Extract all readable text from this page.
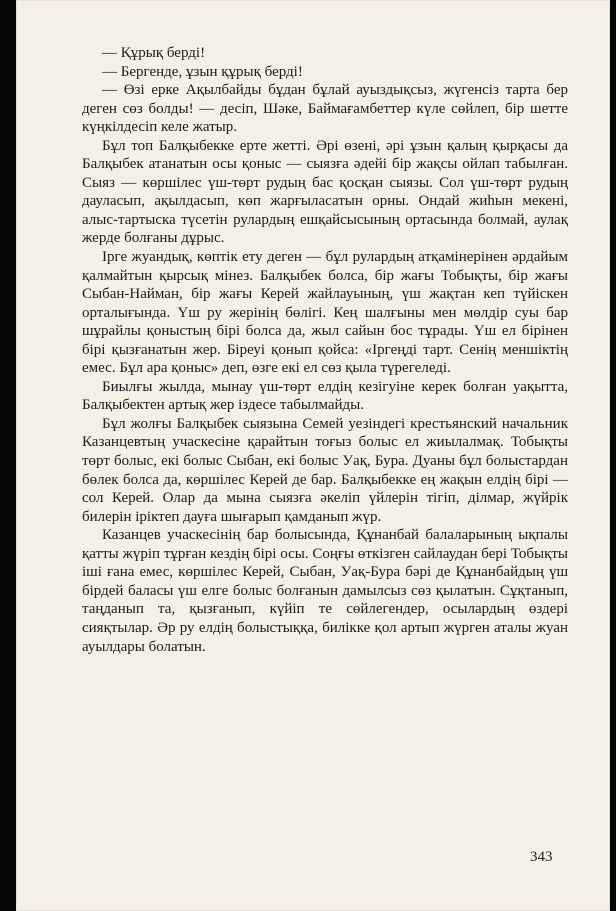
— Құрық берді!

— Бергенде, ұзын құрық берді!

— Өзі ерке Ақылбайды бұдан бұлай ауыздықсыз, жүгенсіз тарта бер деген сөз болды! — десіп, Шәке, Баймағамбеттер күле сөйлеп, бір шетте күңкілдесіп келе жатыр.

Бұл топ Балқыбекке ерте жетті. Әрі өзені, әрі ұзын қалың қырқасы да Балқыбек атанатын осы қоныс — сыязға әдейі бір жақсы ойлап табылған. Сыяз — көршілес үш-төрт рудың бас қосқан сыязы. Сол үш-төрт рудың дауласып, ақылдасып, көп жарғыласатын орны. Ондай жиһын мекені, алыс-тартыска түсетін рулардың ешқайсысының ортасында болмай, аулақ жерде болғаны дұрыс.

Ірге жуандық, көптік ету деген — бұл рулардың атқамінерінен әрдайым қалмайтын қырсық мінез. Балқыбек болса, бір жағы Тобықты, бір жағы Сыбан-Найман, бір жағы Керей жайлауының, үш жақтан кеп түйіскен орталығында. Үш ру жерінің бөлігі. Кең шалғыны мен мөлдір суы бар шұрайлы қоныстың бірі болса да, жыл сайын бос тұрады. Үш ел бірінен бірі қызғанатын жер. Біреуі қонып қойса: «Іргеңді тарт. Сенің меншіктің емес. Бұл ара қоныс» деп, өзге екі ел сөз қыла түрегеледі.

Биылғы жылда, мынау үш-төрт елдің кезігуіне керек болған уақытта, Балқыбектен артық жер іздесе табылмайды.

Бұл жолғы Балқыбек сыязына Семей уезіндегі крестьянский начальник Казанцевтың учаскесіне қарайтын тоғыз болыс ел жиылалмақ. Тобықты төрт болыс, екі болыс Сыбан, екі болыс Уақ, Бура. Дуаны бұл болыстардан бөлек болса да, көршілес Керей де бар. Балқыбекке ең жақын елдің бірі — сол Керей. Олар да мына сыязға әкеліп үйлерін тігіп, ділмар, жүйрік билерін іріктеп дауға шығарып қамданып жүр.

Казанцев учаскесінің бар болысында, Құнанбай балаларының ықпалы қатты жүріп тұрған кездің бірі осы. Соңғы өткізген сайлаудан бері Тобықты іші ғана емес, көршілес Керей, Сыбан, Уақ-Бура бәрі де Құнанбайдың үш бірдей баласы үш елге болыс болғанын дамылсыз сөз қылатын. Сұқтанып, таңданып та, қызғанып, күйіп те сөйлегендер, осылардың өздері сияқтылар. Әр ру елдің болыстыққа, билікке қол артып жүрген аталы жуан ауылдары болатын.

343
